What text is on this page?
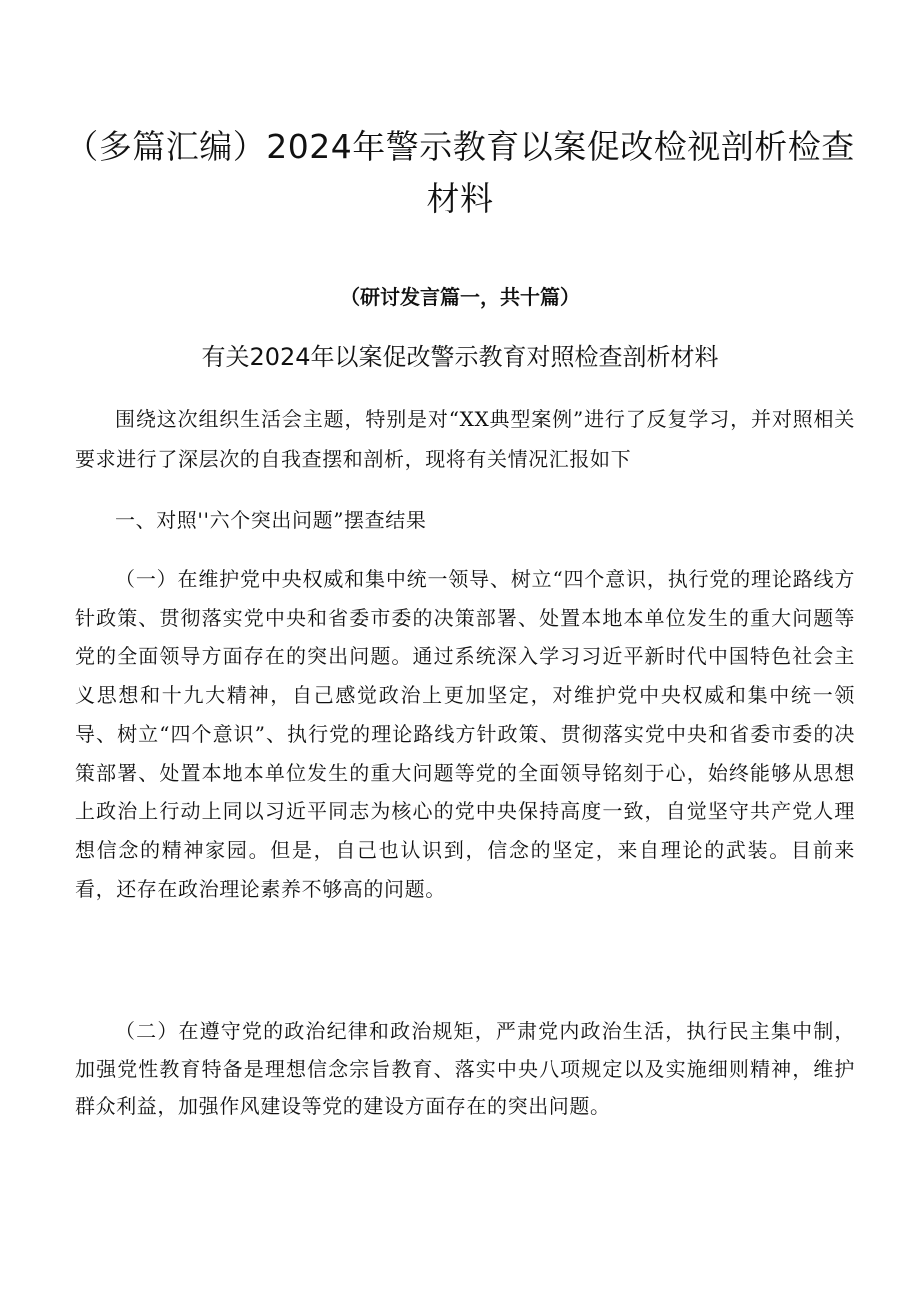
（多篇汇编）2024年警示教育以案促改检视剖析检查材料

（研讨发言篇一，共十篇）

有关2024年以案促改警示教育对照检查剖析材料

围绕这次组织生活会主题，特别是对“XX典型案例”进行了反复学习，并对照相关要求进行了深层次的自我查摆和剖析，现将有关情况汇报如下

一、对照''六个突出问题”摆查结果

（一）在维护党中央权威和集中统一领导、树立“四个意识，执行党的理论路线方针政策、贯彻落实党中央和省委市委的决策部署、处置本地本单位发生的重大问题等党的全面领导方面存在的突出问题。通过系统深入学习习近平新时代中国特色社会主义思想和十九大精神，自己感觉政治上更加坚定，对维护党中央权威和集中统一领导、树立“四个意识”、执行党的理论路线方针政策、贯彻落实党中央和省委市委的决策部署、处置本地本单位发生的重大问题等党的全面领导铭刻于心，始终能够从思想上政治上行动上同以习近平同志为核心的党中央保持高度一致，自觉坚守共产党人理想信念的精神家园。但是，自己也认识到，信念的坚定，来自理论的武装。目前来看，还存在政治理论素养不够高的问题。

（二）在遵守党的政治纪律和政治规矩，严肃党内政治生活，执行民主集中制，加强党性教育特备是理想信念宗旨教育、落实中央八项规定以及实施细则精神，维护群众利益，加强作风建设等党的建设方面存在的突出问题。
